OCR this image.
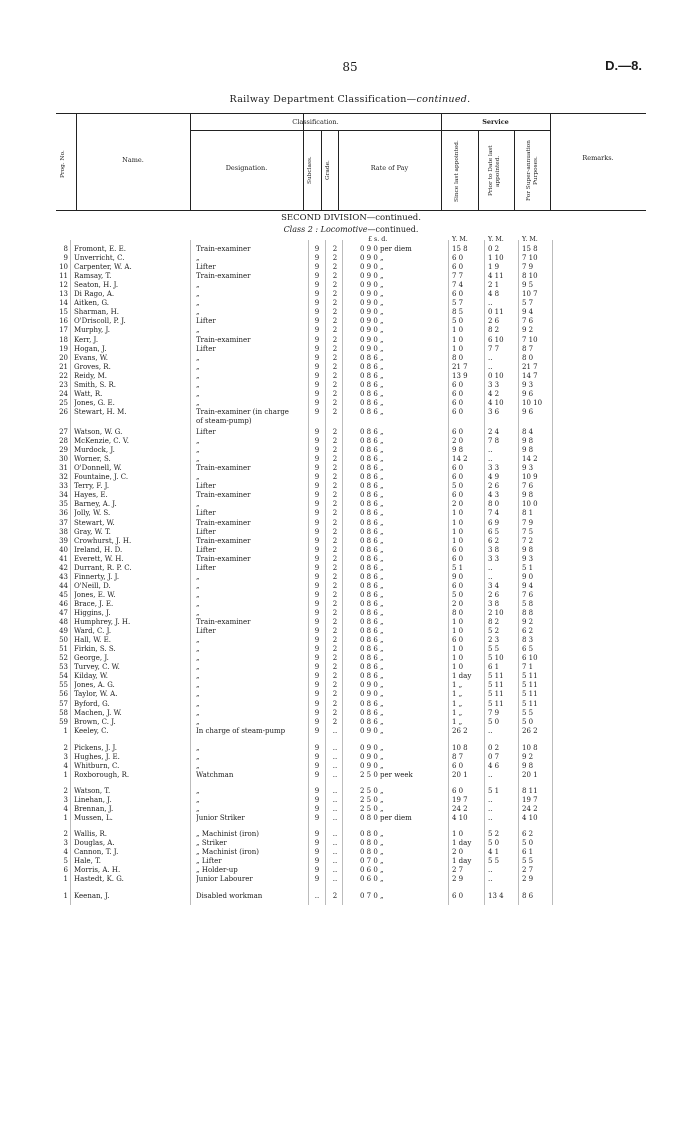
85	D.—8.
Railway Department Classification—continued.
Prog. No.	Name.
Classification.	Service
Designation.	Subclass. Grade.	Rate of Pay	Since last appointed.	Prior to Date last appointed.	For Super-annuation Purposes.	Remarks.
SECOND DIVISION—continued.
Class 2 : Locomotive—continued.
£ s. d.	Y. M.	Y. M.	Y. M.
8 Fromont, E. E.	Train-examiner	9	2	0 9 0 per diem	15 8	0 2	15 8
9 Unverricht, C.	„	9	2	0 9 0 „	6 0	1 10	7 10
10 Carpenter, W. A.	Lifter	9	2	0 9 0 „	6 0	1 9	7 9
11 Ramsay, T.	Train-examiner	9	2	0 9 0 „	7 7	4 11	8 10
12 Seaton, H. J.	„	9	2	0 9 0 „	7 4	2 1	9 5
13 Di Rago, A.	„	9	2	0 9 0 „	6 0	4 8	10 7
14 Aitken, G.	„	9	2	0 9 0 „	5 7	..	5 7
15 Sharman, H.	„	9	2	0 9 0 „	8 5	0 11	9 4
16 O'Driscoll, P. J.	Lifter	9	2	0 9 0 „	5 0	2 6	7 6
17 Murphy, J.	„	9	2	0 9 0 „	1 0	8 2	9 2
18 Kerr, J.	Train-examiner	9	2	0 9 0 „	1 0	6 10	7 10
19 Hogan, J.	Lifter	9	2	0 9 0 „	1 0	7 7	8 7
20 Evans, W.	„	9	2	0 8 6 „	8 0	..	8 0
21 Groves, R.	„	9	2	0 8 6 „	21 7	..	21 7
22 Reidy, M.	„	9	2	0 8 6 „	13 9	0 10	14 7
23 Smith, S. R.	„	9	2	0 8 6 „	6 0	3 3	9 3
24 Watt, R.	„	9	2	0 8 6 „	6 0	4 2	9 6
25 Jones, G. E.	„	9	2	0 8 6 „	6 0	4 10	10 10
26 Stewart, H. M.	Train-examiner (in charge	9	2	0 8 6 „	6 0	3 6	9 6
of steam-pump)
27 Watson, W. G.	Lifter	9	2	0 8 6 „	6 0	2 4	8 4
28 McKenzie, C. V.	„	9	2	0 8 6 „	2 0	7 8	9 8
29 Murdock, J.	„	9	2	0 8 6 „	9 8	..	9 8
30 Worner, S.	„	9	2	0 8 6 „	14 2	..	14 2
31 O'Donnell, W.	Train-examiner	9	2	0 8 6 „	6 0	3 3	9 3
32 Fountaine, J. C.	„	9	2	0 8 6 „	6 0	4 9	10 9
33 Terry, F. J.	Lifter	9	2	0 8 6 „	5 0	2 6	7 6
34 Hayes, E.	Train-examiner	9	2	0 8 6 „	6 0	4 3	9 8
35 Barney, A. J.	„	9	2	0 8 6 „	2 0	8 0	10 0
36 Jolly, W. S.	Lifter	9	2	0 8 6 „	1 0	7 4	8 1
37 Stewart, W.	Train-examiner	9	2	0 8 6 „	1 0	6 9	7 9
38 Gray, W. T.	Lifter	9	2	0 8 6 „	1 0	6 5	7 5
39 Crowhurst, J. H.	Train-examiner	9	2	0 8 6 „	1 0	6 2	7 2
40 Ireland, H. D.	Lifter	9	2	0 8 6 „	6 0	3 8	9 8
41 Everett, W. H.	Train-examiner	9	2	0 8 6 „	6 0	3 3	9 3
42 Durrant, R. P. C.	Lifter	9	2	0 8 6 „	5 1	..	5 1
43 Finnerty, J. J.	„	9	2	0 8 6 „	9 0	..	9 0
44 O'Neill, D.	„	9	2	0 8 6 „	6 0	3 4	9 4
45 Jones, E. W.	„	9	2	0 8 6 „	5 0	2 6	7 6
46 Brace, J. E.	„	9	2	0 8 6 „	2 0	3 8	5 8
47 Higgins, J.	„	9	2	0 8 6 „	8 0	2 10	8 8
48 Humphrey, J. H.	Train-examiner	9	2	0 8 6 „	1 0	8 2	9 2
49 Ward, C. J.	Lifter	9	2	0 8 6 „	1 0	5 2	6 2
50 Hall, W. E.	„	9	2	0 8 6 „	6 0	2 3	8 3
51 Firkin, S. S.	„	9	2	0 8 6 „	1 0	5 5	6 5
52 George, J.	„	9	2	0 8 6 „	1 0	5 10	6 10
53 Turvey, C. W.	„	9	2	0 8 6 „	1 0	6 1	7 1
54 Kilday, W.	„	9	2	0 8 6 „	1 day	5 11	5 11
55 Jones, A. G.	„	9	2	0 9 0 „	1 „	5 11	5 11
56 Taylor, W. A.	„	9	2	0 9 0 „	1 „	5 11	5 11
57 Byford, G.	„	9	2	0 8 6 „	1 „	5 11	5 11
58 Machen, J. W.	„	9	2	0 8 6 „	1 „	7 9	5 5
59 Brown, C. J.	„	9	2	0 8 6 „	1 „	5 0	5 0
1 Keeley, C.	In charge of steam-pump	9	..	0 9 0 „	26 2	..	26 2
2 Pickens, J. J.	„	9	..	0 9 0 „	10 8	0 2	10 8
3 Hughes, J. E.	„	9	..	0 9 0 „	8 7	0 7	9 2
4 Whitburn, C.	„	9	..	0 9 0 „	6 0	4 6	9 8
1 Roxborough, R.	Watchman	9	..	2 5 0 per week	20 1	..	20 1
2 Watson, T.	„	9	..	2 5 0 „	6 0	5 1	8 11
3 Linehan, J.	„	9	..	2 5 0 „	19 7	..	19 7
4 Brennan, J.	„	9	..	2 5 0 „	24 2	..	24 2
1 Mussen, L.	Junior Striker	9	..	0 8 0 per diem	4 10	..	4 10
2 Wallis, R.	„ Machinist (iron)	9	..	0 8 0 „	1 0	5 2	6 2
3 Douglas, A.	„ Striker	9	..	0 8 0 „	1 day	5 0	5 0
4 Cannon, T. J.	„ Machinist (iron)	9	..	0 8 0 „	2 0	4 1	6 1
5 Hale, T.	„ Lifter	9	..	0 7 0 „	1 day	5 5	5 5
6 Morris, A. H.	„ Holder-up	9	..	0 6 0 „	2 7	..	2 7
1 Hastedt, K. G.	Junior Labourer	9	..	0 6 0 „	2 9	..	2 9
1 Keenan, J.	Disabled workman	..	2	0 7 0 „	6 0	13 4	8 6
